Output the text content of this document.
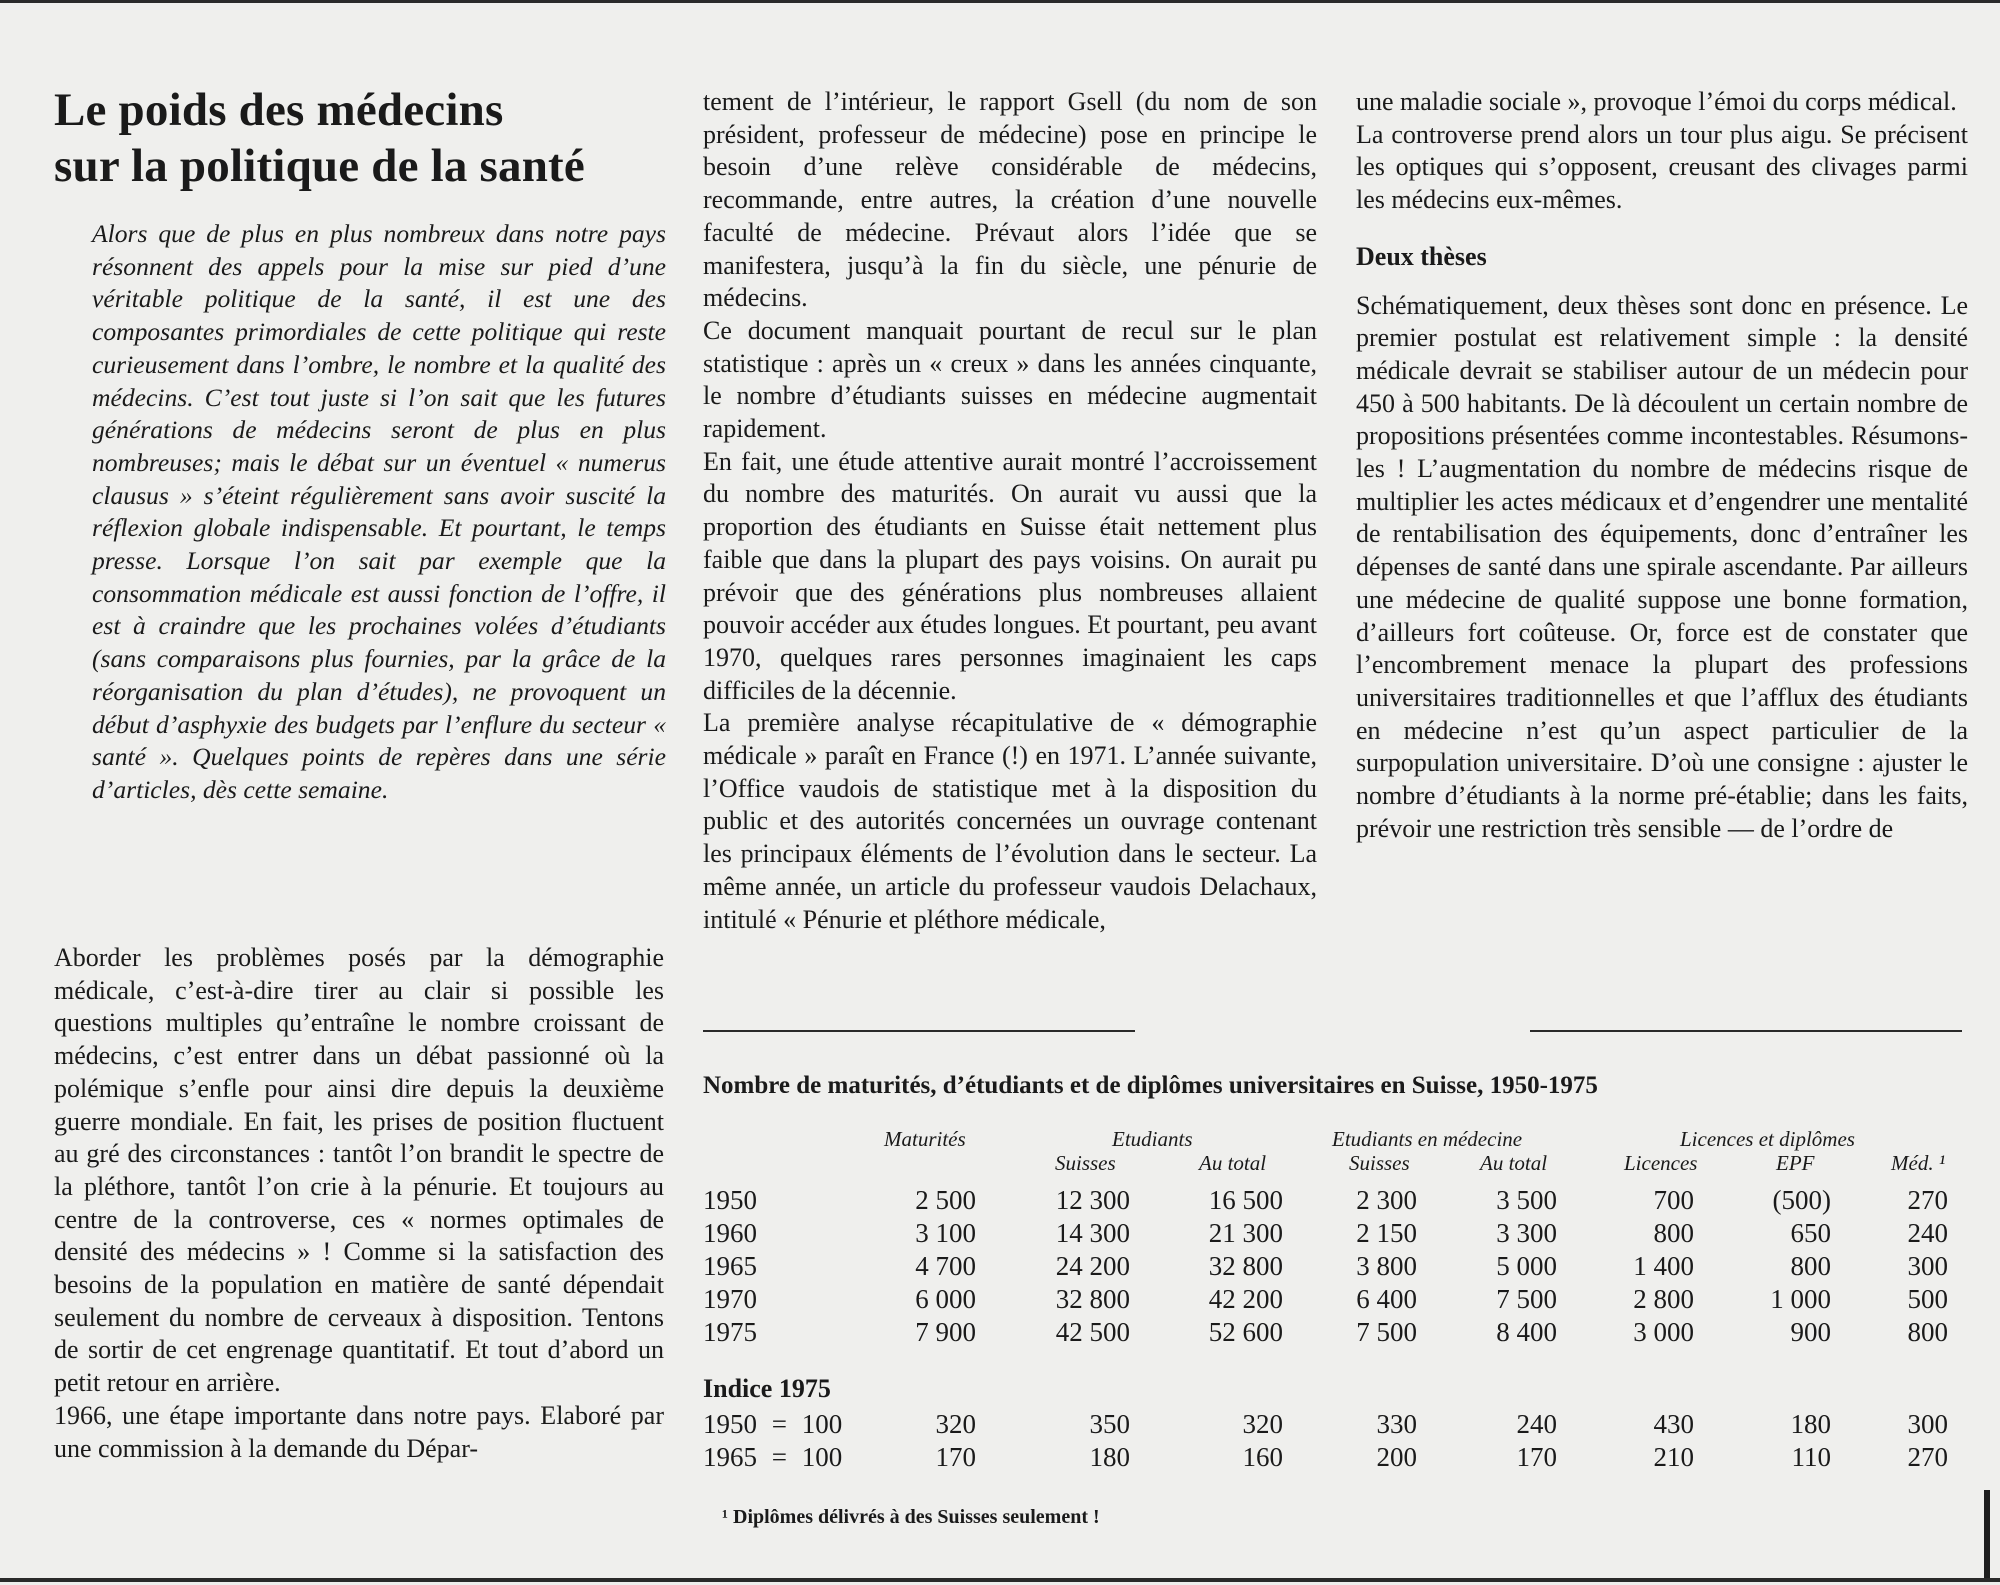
Le poids des médecins
sur la politique de la santé
Alors que de plus en plus nombreux dans notre pays résonnent des appels pour la mise sur pied d’une véritable politique de la santé, il est une des composantes primordiales de cette politique qui reste curieusement dans l’ombre, le nombre et la qualité des médecins. C’est tout juste si l’on sait que les futures générations de médecins seront de plus en plus nombreuses; mais le débat sur un éventuel « numerus clausus » s’éteint régulièrement sans avoir suscité la réflexion globale indispensable. Et pourtant, le temps presse. Lorsque l’on sait par exemple que la consommation médicale est aussi fonction de l’offre, il est à craindre que les prochaines volées d’étudiants (sans comparaisons plus fournies, par la grâce de la réorganisation du plan d’études), ne provoquent un début d’asphyxie des budgets par l’enflure du secteur « santé ». Quelques points de repères dans une série d’articles, dès cette semaine.

Aborder les problèmes posés par la démographie médicale, c’est-à-dire tirer au clair si possible les questions multiples qu’entraîne le nombre croissant de médecins, c’est entrer dans un débat passionné où la polémique s’enfle pour ainsi dire depuis la deuxième guerre mondiale. En fait, les prises de position fluctuent au gré des circonstances : tantôt l’on brandit le spectre de la pléthore, tantôt l’on crie à la pénurie. Et toujours au centre de la controverse, ces « normes optimales de densité des médecins » ! Comme si la satisfaction des besoins de la population en matière de santé dépendait seulement du nombre de cerveaux à disposition. Tentons de sortir de cet engrenage quantitatif. Et tout d’abord un petit retour en arrière.

1966, une étape importante dans notre pays. Elaboré par une commission à la demande du Dépar-

tement de l’intérieur, le rapport Gsell (du nom de son président, professeur de médecine) pose en principe le besoin d’une relève considérable de médecins, recommande, entre autres, la création d’une nouvelle faculté de médecine. Prévaut alors l’idée que se manifestera, jusqu’à la fin du siècle, une pénurie de médecins.

Ce document manquait pourtant de recul sur le plan statistique : après un « creux » dans les années cinquante, le nombre d’étudiants suisses en médecine augmentait rapidement.

En fait, une étude attentive aurait montré l’accroissement du nombre des maturités. On aurait vu aussi que la proportion des étudiants en Suisse était nettement plus faible que dans la plupart des pays voisins. On aurait pu prévoir que des générations plus nombreuses allaient pouvoir accéder aux études longues. Et pourtant, peu avant 1970, quelques rares personnes imaginaient les caps difficiles de la décennie.

La première analyse récapitulative de « démographie médicale » paraît en France (!) en 1971. L’année suivante, l’Office vaudois de statistique met à la disposition du public et des autorités concernées un ouvrage contenant les principaux éléments de l’évolution dans le secteur. La même année, un article du professeur vaudois Delachaux, intitulé « Pénurie et pléthore médicale,

une maladie sociale », provoque l’émoi du corps médical.

La controverse prend alors un tour plus aigu. Se précisent les optiques qui s’opposent, creusant des clivages parmi les médecins eux-mêmes.

Deux thèses

Schématiquement, deux thèses sont donc en présence. Le premier postulat est relativement simple : la densité médicale devrait se stabiliser autour de un médecin pour 450 à 500 habitants. De là découlent un certain nombre de propositions présentées comme incontestables. Résumons-les ! L’augmentation du nombre de médecins risque de multiplier les actes médicaux et d’engendrer une mentalité de rentabilisation des équipements, donc d’entraîner les dépenses de santé dans une spirale ascendante. Par ailleurs une médecine de qualité suppose une bonne formation, d’ailleurs fort coûteuse. Or, force est de constater que l’encombrement menace la plupart des professions universitaires traditionnelles et que l’afflux des étudiants en médecine n’est qu’un aspect particulier de la surpopulation universitaire. D’où une consigne : ajuster le nombre d’étudiants à la norme pré-établie; dans les faits, prévoir une restriction très sensible — de l’ordre de

Nombre de maturités, d’étudiants et de diplômes universitaires en Suisse, 1950-1975
Maturités	Etudiants	Etudiants en médecine	Licences et diplômes
Suisses	Au total	Suisses	Au total	Licences	EPF	Méd. ¹
1950	2 500	12 300	16 500	2 300	3 500	700	(500)	270
1960	3 100	14 300	21 300	2 150	3 300	800	650	240
1965	4 700	24 200	32 800	3 800	5 000	1 400	800	300
1970	6 000	32 800	42 200	6 400	7 500	2 800	1 000	500
1975	7 900	42 500	52 600	7 500	8 400	3 000	900	800
Indice 1975
1950 = 100	320	350	320	330	240	430	180	300
1965 = 100	170	180	160	200	170	210	110	270
¹ Diplômes délivrés à des Suisses seulement !
